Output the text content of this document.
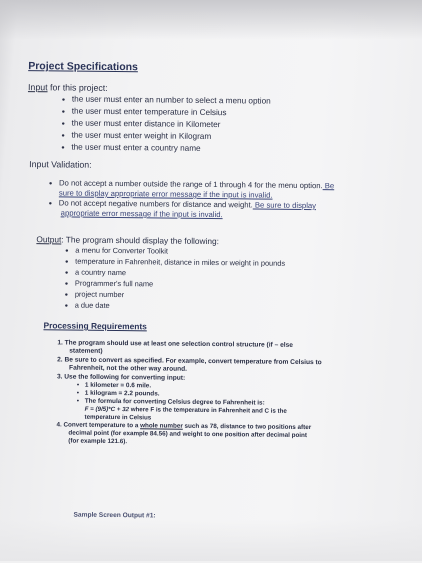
Project Specifications
Input for this project:
• the user must enter an number to select a menu option
• the user must enter temperature in Celsius
• the user must enter distance in Kilometer
• the user must enter weight in Kilogram
• the user must enter a country name
Input Validation:
• Do not accept a number outside the range of 1 through 4 for the menu option. Be
sure to display appropriate error message if the input is invalid.
• Do not accept negative numbers for distance and weight. Be sure to display
appropriate error message if the input is invalid.
Output: The program should display the following:
• a menu for Converter Toolkit
• temperature in Fahrenheit, distance in miles or weight in pounds
• a country name
• Programmer's full name
• project number
• a due date
Processing Requirements
1. The program should use at least one selection control structure (if – else
statement)
2. Be sure to convert as specified. For example, convert temperature from Celsius to
Fahrenheit, not the other way around.
3. Use the following for converting input:
• 1 kilometer = 0.6 mile.
• 1 kilogram = 2.2 pounds.
• The formula for converting Celsius degree to Fahrenheit is:
F = (9/5)*C + 32 where F is the temperature in Fahrenheit and C is the
temperature in Celsius
4. Convert temperature to a whole number such as 78, distance to two positions after
decimal point (for example 84.56) and weight to one position after decimal point
(for example 121.6).
Sample Screen Output #1:
